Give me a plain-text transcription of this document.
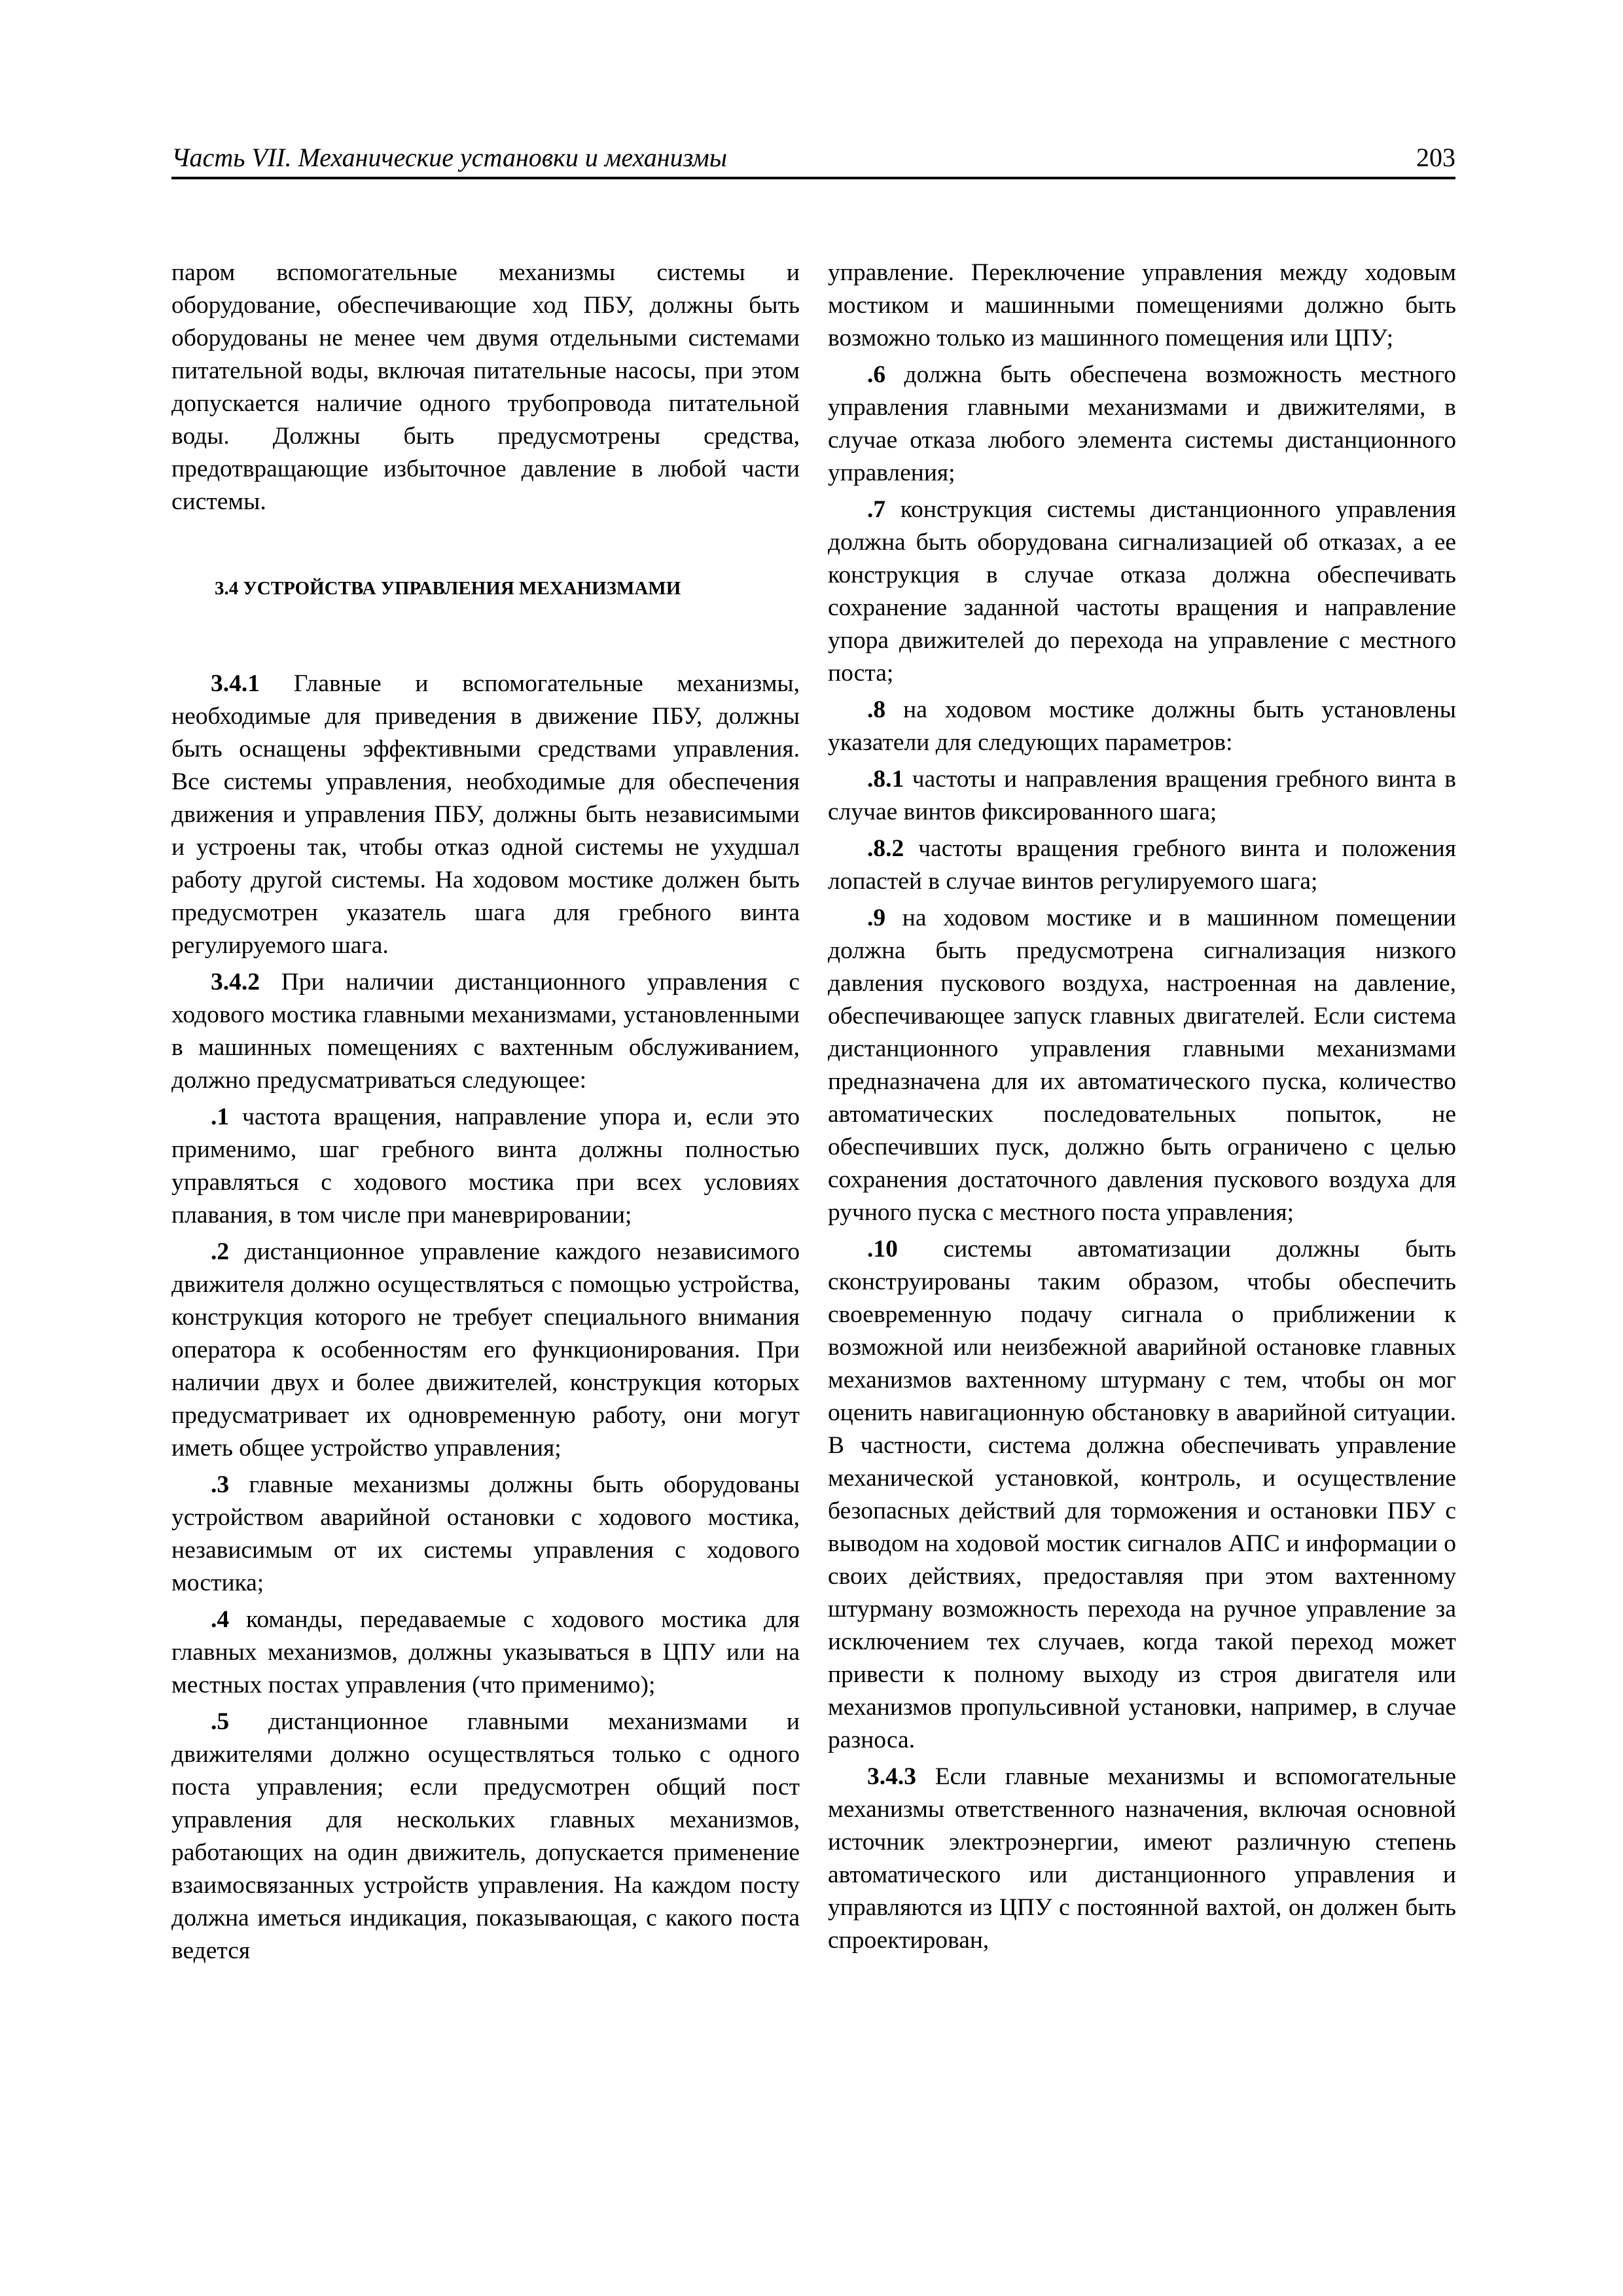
Часть VII. Механические установки и механизмы	203

паром вспомогательные механизмы системы и оборудование, обеспечивающие ход ПБУ, должны быть оборудованы не менее чем двумя отдельными системами питательной воды, включая питательные насосы, при этом допускается наличие одного трубопровода питательной воды. Должны быть предусмотрены средства, предотвращающие избыточное давление в любой части системы.

3.4 УСТРОЙСТВА УПРАВЛЕНИЯ МЕХАНИЗМАМИ

3.4.1 Главные и вспомогательные механизмы, необходимые для приведения в движение ПБУ, должны быть оснащены эффективными средствами управления. Все системы управления, необходимые для обеспечения движения и управления ПБУ, должны быть независимыми и устроены так, чтобы отказ одной системы не ухудшал работу другой системы. На ходовом мостике должен быть предусмотрен указатель шага для гребного винта регулируемого шага.

3.4.2 При наличии дистанционного управления с ходового мостика главными механизмами, установленными в машинных помещениях с вахтенным обслуживанием, должно предусматриваться следующее:

.1 частота вращения, направление упора и, если это применимо, шаг гребного винта должны полностью управляться с ходового мостика при всех условиях плавания, в том числе при маневрировании;

.2 дистанционное управление каждого независимого движителя должно осуществляться с помощью устройства, конструкция которого не требует специального внимания оператора к особенностям его функционирования. При наличии двух и более движителей, конструкция которых предусматривает их одновременную работу, они могут иметь общее устройство управления;

.3 главные механизмы должны быть оборудованы устройством аварийной остановки с ходового мостика, независимым от их системы управления с ходового мостика;

.4 команды, передаваемые с ходового мостика для главных механизмов, должны указываться в ЦПУ или на местных постах управления (что применимо);

.5 дистанционное главными механизмами и движителями должно осуществляться только с одного поста управления; если предусмотрен общий пост управления для нескольких главных механизмов, работающих на один движитель, допускается применение взаимосвязанных устройств управления. На каждом посту должна иметься индикация, показывающая, с какого поста ведется

управление. Переключение управления между ходовым мостиком и машинными помещениями должно быть возможно только из машинного помещения или ЦПУ;

.6 должна быть обеспечена возможность местного управления главными механизмами и движителями, в случае отказа любого элемента системы дистанционного управления;

.7 конструкция системы дистанционного управления должна быть оборудована сигнализацией об отказах, а ее конструкция в случае отказа должна обеспечивать сохранение заданной частоты вращения и направление упора движителей до перехода на управление с местного поста;

.8 на ходовом мостике должны быть установлены указатели для следующих параметров:

.8.1 частоты и направления вращения гребного винта в случае винтов фиксированного шага;

.8.2 частоты вращения гребного винта и положения лопастей в случае винтов регулируемого шага;

.9 на ходовом мостике и в машинном помещении должна быть предусмотрена сигнализация низкого давления пускового воздуха, настроенная на давление, обеспечивающее запуск главных двигателей. Если система дистанционного управления главными механизмами предназначена для их автоматического пуска, количество автоматических последовательных попыток, не обеспечивших пуск, должно быть ограничено с целью сохранения достаточного давления пускового воздуха для ручного пуска с местного поста управления;

.10 системы автоматизации должны быть сконструированы таким образом, чтобы обеспечить своевременную подачу сигнала о приближении к возможной или неизбежной аварийной остановке главных механизмов вахтенному штурману с тем, чтобы он мог оценить навигационную обстановку в аварийной ситуации. В частности, система должна обеспечивать управление механической установкой, контроль, и осуществление безопасных действий для торможения и остановки ПБУ с выводом на ходовой мостик сигналов АПС и информации о своих действиях, предоставляя при этом вахтенному штурману возможность перехода на ручное управление за исключением тех случаев, когда такой переход может привести к полному выходу из строя двигателя или механизмов пропульсивной установки, например, в случае разноса.

3.4.3 Если главные механизмы и вспомогательные механизмы ответственного назначения, включая основной источник электроэнергии, имеют различную степень автоматического или дистанционного управления и управляются из ЦПУ с постоянной вахтой, он должен быть спроектирован,
